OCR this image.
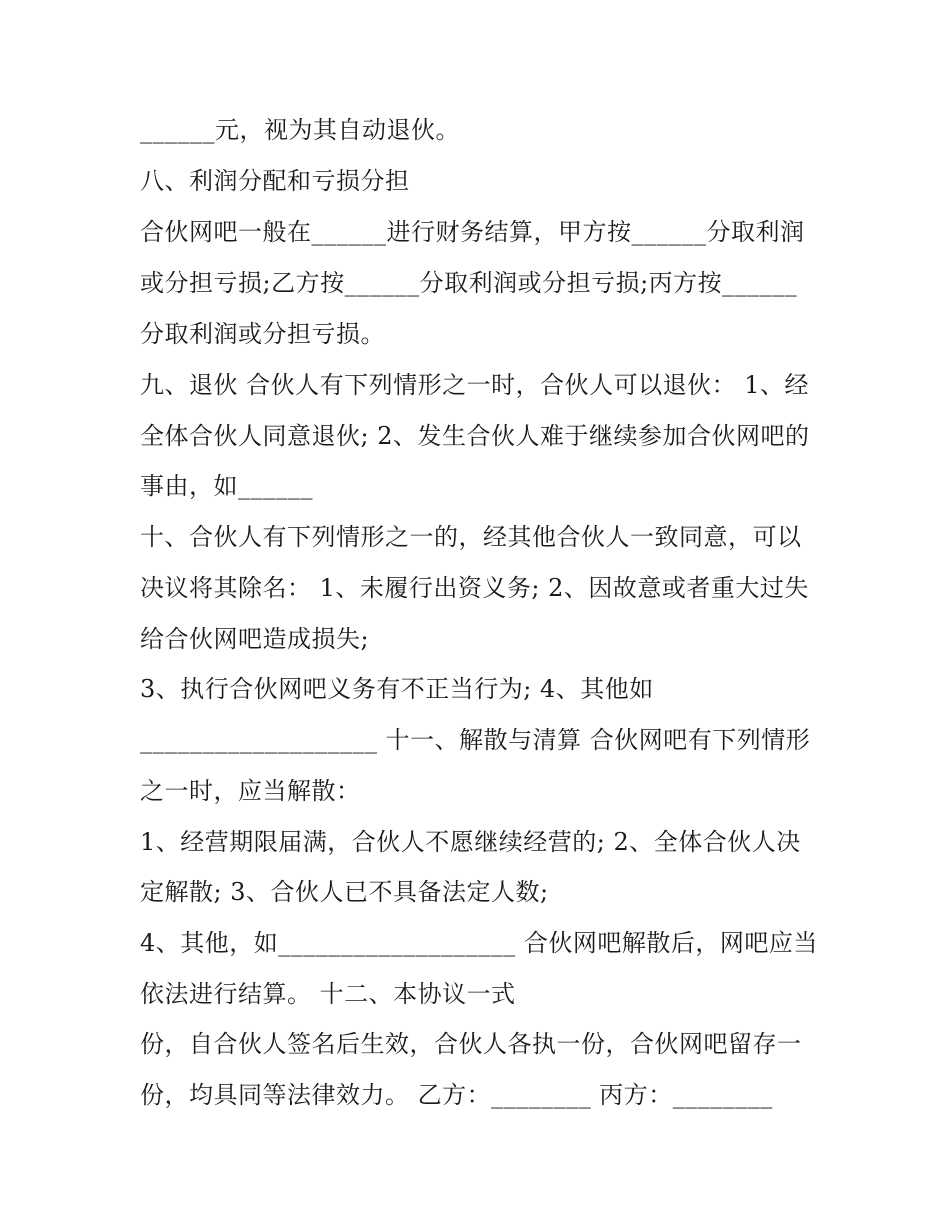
______元，视为其自动退伙。
八、利润分配和亏损分担
合伙网吧一般在______进行财务结算，甲方按______分取利润
或分担亏损;乙方按______分取利润或分担亏损;丙方按______
分取利润或分担亏损。
九、退伙 合伙人有下列情形之一时，合伙人可以退伙： 1、经
全体合伙人同意退伙; 2、发生合伙人难于继续参加合伙网吧的
事由，如______
十、合伙人有下列情形之一的，经其他合伙人一致同意，可以
决议将其除名： 1、未履行出资义务; 2、因故意或者重大过失
给合伙网吧造成损失;
3、执行合伙网吧义务有不正当行为; 4、其他如
___________________ 十一、解散与清算 合伙网吧有下列情形
之一时，应当解散：
1、经营期限届满，合伙人不愿继续经营的; 2、全体合伙人决
定解散; 3、合伙人已不具备法定人数;
4、其他，如___________________ 合伙网吧解散后，网吧应当
依法进行结算。 十二、本协议一式
份，自合伙人签名后生效，合伙人各执一份，合伙网吧留存一
份，均具同等法律效力。 乙方：________ 丙方：________
